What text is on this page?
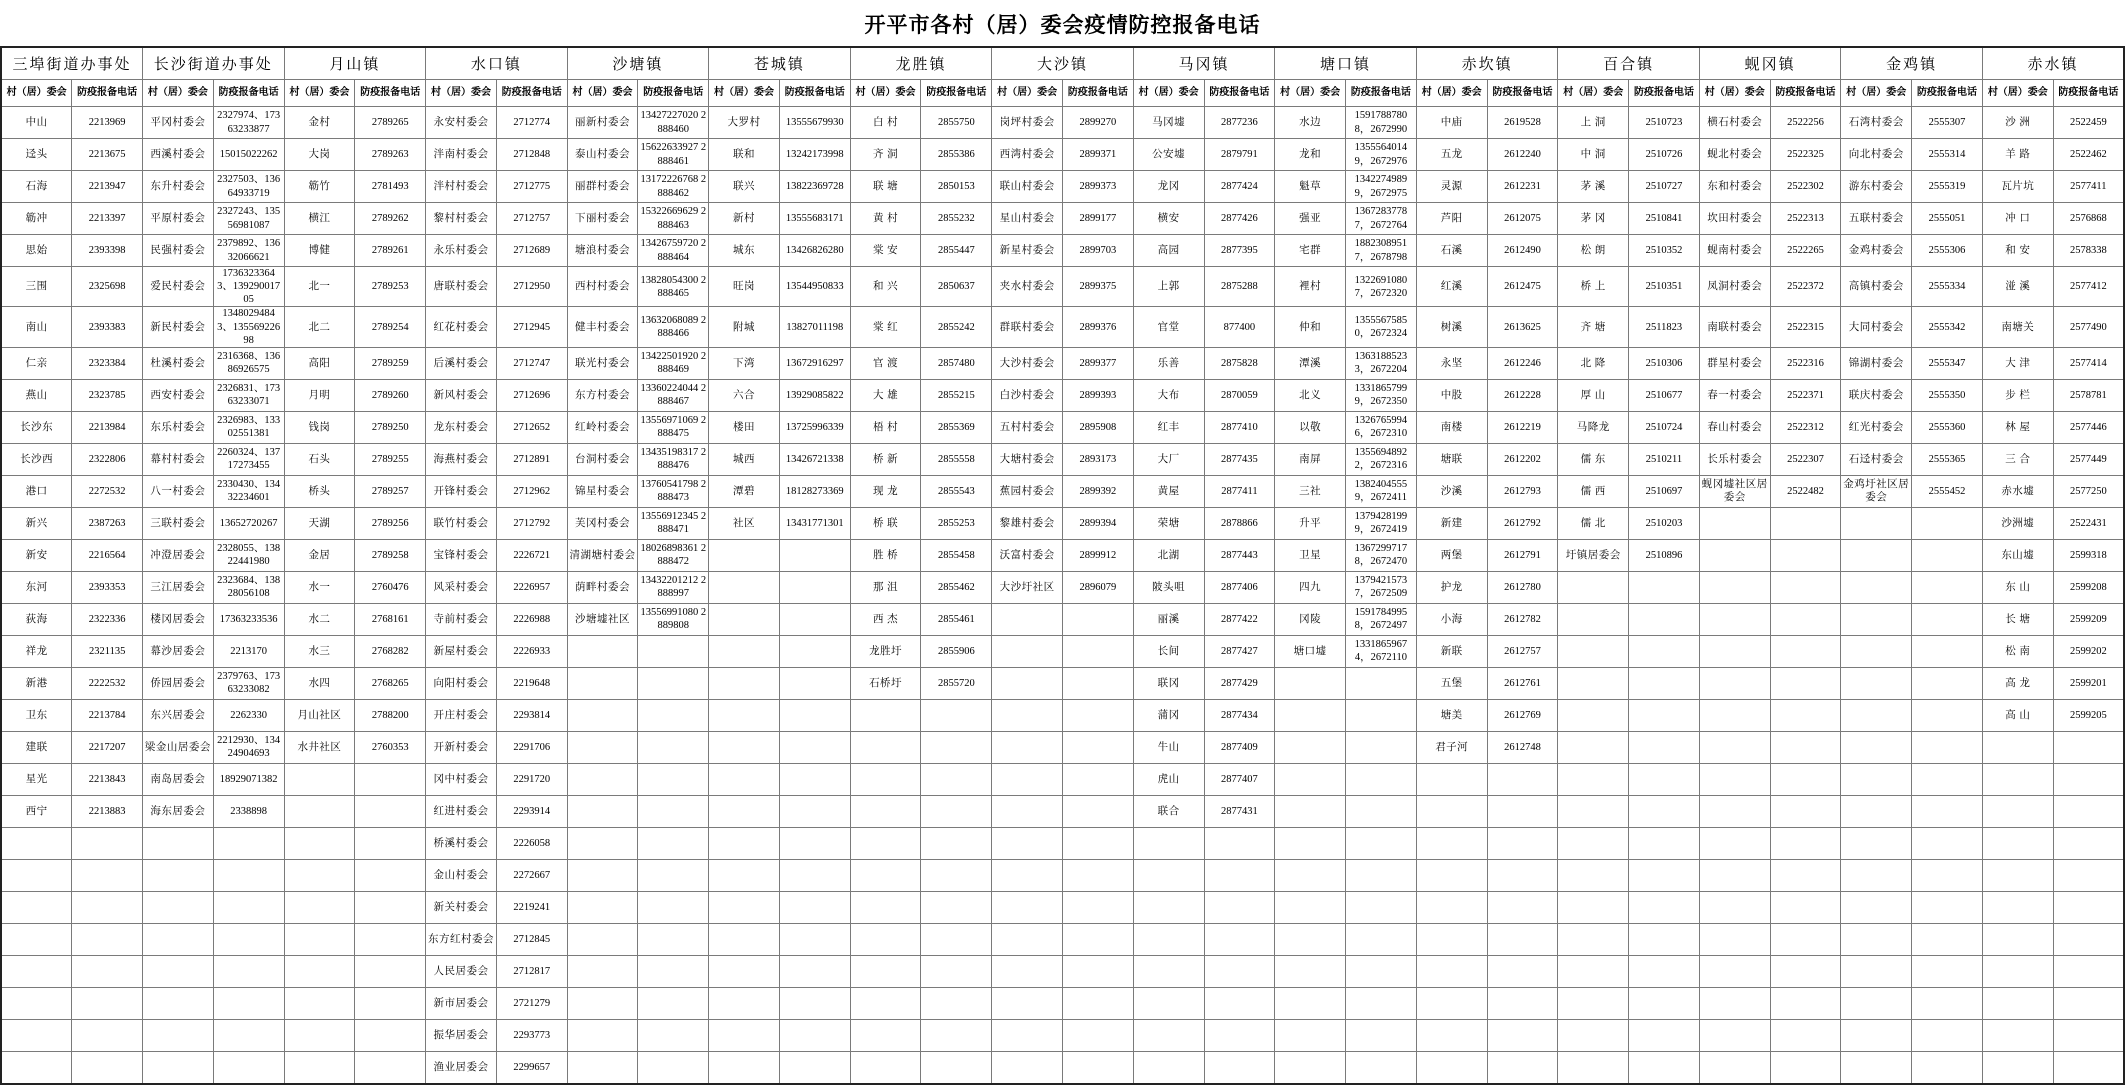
开平市各村（居）委会疫情防控报备电话
三埠街道办事处		长沙街道办事处		月山镇		水口镇		沙塘镇		苍城镇		龙胜镇		大沙镇		马冈镇		塘口镇		赤坎镇		百合镇		蚬冈镇		金鸡镇		赤水镇	
村（居）委会	防疫报备电话	村（居）委会	防疫报备电话	村（居）委会	防疫报备电话	村（居）委会	防疫报备电话	村（居）委会	防疫报备电话	村（居）委会	防疫报备电话	村（居）委会	防疫报备电话	村（居）委会	防疫报备电话	村（居）委会	防疫报备电话	村（居）委会	防疫报备电话	村（居）委会	防疫报备电话	村（居）委会	防疫报备电话	村（居）委会	防疫报备电话	村（居）委会	防疫报备电话	村（居）委会	防疫报备电话
中山	2213969	平冈村委会	2327974、17363233877	金村	2789265	永安村委会	2712774	丽新村委会	13427227020 2888460	大罗村	13555679930	白 村	2855750	岗坪村委会	2899270	马冈墟	2877236	水边	15917887808，2672990	中庙	2619528	上 洞	2510723	横石村委会	2522256	石湾村委会	2555307	沙 洲	2522459
迳头	2213675	西溪村委会	15015022262	大岗	2789263	泮南村委会	2712848	泰山村委会	15622633927 2888461	联和	13242173998	齐 洞	2855386	西湾村委会	2899371	公安墟	2879791	龙和	13555640149，2672976	五龙	2612240	中 洞	2510726	蚬北村委会	2522325	向北村委会	2555314	羊 路	2522462
石海	2213947	东升村委会	2327503、13664933719	簕竹	2781493	泮村村委会	2712775	丽群村委会	13172226768 2888462	联兴	13822369728	联 塘	2850153	联山村委会	2899373	龙冈	2877424	魁草	13422749899，2672975	灵源	2612231	茅 溪	2510727	东和村委会	2522302	游东村委会	2555319	瓦片坑	2577411
簕冲	2213397	平原村委会	2327243、13556981087	横江	2789262	黎村村委会	2712757	下丽村委会	15322669629 2888463	新村	13555683171	黄 村	2855232	星山村委会	2899177	横安	2877426	强亚	13672837787，2672764	芦阳	2612075	茅 冈	2510841	坎田村委会	2522313	五联村委会	2555051	冲 口	2576868
思始	2393398	民强村委会	2379892、13632066621	博健	2789261	永乐村委会	2712689	塘浪村委会	13426759720 2888464	城东	13426826280	棠 安	2855447	新星村委会	2899703	高园	2877395	宅群	18823089517，2678798	石溪	2612490	松 朗	2510352	蚬南村委会	2522265	金鸡村委会	2555306	和 安	2578338
三围	2325698	爱民村委会	17363233643、13929001705	北一	2789253	唐联村委会	2712950	西村村委会	13828054300 2888465	旺岗	13544950833	和 兴	2850637	夹水村委会	2899375	上郭	2875288	裡村	13226910807，2672320	红溪	2612475	桥 上	2510351	凤洞村委会	2522372	高镇村委会	2555334	湴 溪	2577412
南山	2393383	新民村委会	13480294843、13556922698	北二	2789254	红花村委会	2712945	健丰村委会	13632068089 2888466	附城	13827011198	棠 红	2855242	群联村委会	2899376	官堂	877400	仲和	13555675850，2672324	树溪	2613625	齐 塘	2511823	南联村委会	2522315	大同村委会	2555342	南塘关	2577490
仁亲	2323384	杜溪村委会	2316368、13686926575	高阳	2789259	后溪村委会	2712747	联光村委会	13422501920 2888469	下湾	13672916297	官 渡	2857480	大沙村委会	2899377	乐善	2875828	潭溪	13631885233，2672204	永坚	2612246	北 降	2510306	群星村委会	2522316	锦湖村委会	2555347	大 津	2577414
燕山	2323785	西安村委会	2326831、17363233071	月明	2789260	新风村委会	2712696	东方村委会	13360224044 2888467	六合	13929085822	大 雄	2855215	白沙村委会	2899393	大布	2870059	北义	13318657999，2672350	中股	2612228	厚 山	2510677	春一村委会	2522371	联庆村委会	2555350	步 栏	2578781
长沙东	2213984	东乐村委会	2326983、13302551381	钱岗	2789250	龙东村委会	2712652	红岭村委会	13556971069 2888475	楼田	13725996339	梧 村	2855369	五村村委会	2895908	红丰	2877410	以敬	13267659946，2672310	南楼	2612219	马降龙	2510724	春山村委会	2522312	红光村委会	2555360	林 屋	2577446
长沙西	2322806	幕村村委会	2260324、13717273455	石头	2789255	海燕村委会	2712891	台洞村委会	13435198317 2888476	城西	13426721338	桥 新	2855558	大塘村委会	2893173	大厂	2877435	南屏	13556948922，2672316	塘联	2612202	儒 东	2510211	长乐村委会	2522307	石迳村委会	2555365	三 合	2577449
港口	2272532	八一村委会	2330430、13432234601	桥头	2789257	开锋村委会	2712962	锦星村委会	13760541798 2888473	潭碧	18128273369	现 龙	2855543	蕉园村委会	2899392	黄屋	2877411	三社	13824045559，2672411	沙溪	2612793	儒 西	2510697	蚬冈墟社区居委会	2522482	金鸡圩社区居委会	2555452	赤水墟	2577250
新兴	2387263	三联村委会	13652720267	天湖	2789256	联竹村委会	2712792	芙冈村委会	13556912345 2888471	社区	13431771301	桥 联	2855253	黎雄村委会	2899394	荣塘	2878866	升平	13794281999，2672419	新建	2612792	儒 北	2510203					沙洲墟	2522431
新安	2216564	冲澄居委会	2328055、13822441980	金居	2789258	宝锋村委会	2226721	清湖塘村委会	18026898361 2888472			胜 桥	2855458	沃富村委会	2899912	北湖	2877443	卫星	13672997178，2672470	两堡	2612791	圩镇居委会	2510896					东山墟	2599318
东河	2393353	三江居委会	2323684、13828056108	水一	2760476	风采村委会	2226957	荫畔村委会	13432201212 2888997			那 沮	2855462	大沙圩社区	2896079	陂头咀	2877406	四九	13794215737，2672509	护龙	2612780							东 山	2599208
荻海	2322336	楼冈居委会	17363233536	水二	2768161	寺前村委会	2226988	沙塘墟社区	13556991080 2889808			西 杰	2855461			丽溪	2877422	冈陵	15917849958，2672497	小海	2612782							长 塘	2599209
祥龙	2321135	幕沙居委会	2213170	水三	2768282	新屋村委会	2226933					龙胜圩	2855906			长间	2877427	塘口墟	13318659674，2672110	新联	2612757							松 南	2599202
新港	2222532	侨园居委会	2379763、17363233082	水四	2768265	向阳村委会	2219648					石桥圩	2855720			联冈	2877429			五堡	2612761							高 龙	2599201
卫东	2213784	东兴居委会	2262330	月山社区	2788200	开庄村委会	2293814									蒲冈	2877434			塘美	2612769							高 山	2599205
建联	2217207	梁金山居委会	2212930、13424904693	水井社区	2760353	开新村委会	2291706									牛山	2877409			君子河	2612748								
星光	2213843	南岛居委会	18929071382			冈中村委会	2291720									虎山	2877407												
西宁	2213883	海东居委会	2338898			红进村委会	2293914									联合	2877431												
						桥溪村委会	2226058																						
						金山村委会	2272667																						
						新关村委会	2219241																						
						东方红村委会	2712845																						
						人民居委会	2712817																						
						新市居委会	2721279																						
						振华居委会	2293773																						
						渔业居委会	2299657																						
